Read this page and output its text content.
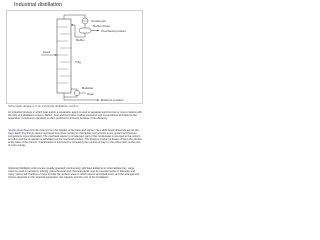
Industrial distillation
Condenser
Reflux Drum
Reflux
Overhead product
Feed
Tray
Reboiler
Bottoms product
Heat
Schematic diagram of an industrial distillation column
An industrial process in which heat and/or a separation agent is used to separate feed into two or more products with the help of a distillation column. Reflux, heat and feed rates, boiling pressures and compositions all influence the separation. Continuous operation is often preferred in industry because of its efficiency.
reboiler Heat flows into the column from the reboiler at the base and vapour rises while liquid descends across the trays. Each tray brings vapour and liquid into close contact so that lighter components move upward and heavier components move downward. The overhead vapour is condensed; part of the condensate is returned to the column as reflux and the remainder is withdrawn as the overhead product. The bottoms product is drawn off from the reboiler at the base of the column. Fractionation is improved by increasing the number of trays or the reflux ratio, at the cost of more energy.
Industrial distillation columns are usually operated continuously, with feed added at an intermediate tray. Large columns used in petroleum refining, petrochemical and chemical plants may be several metres in diameter and many metres tall. Packing or trays provide the surface area on which vapour and liquid meet, and the arrangement chosen depends on the required separation, the capacity and the cost of the installation.
